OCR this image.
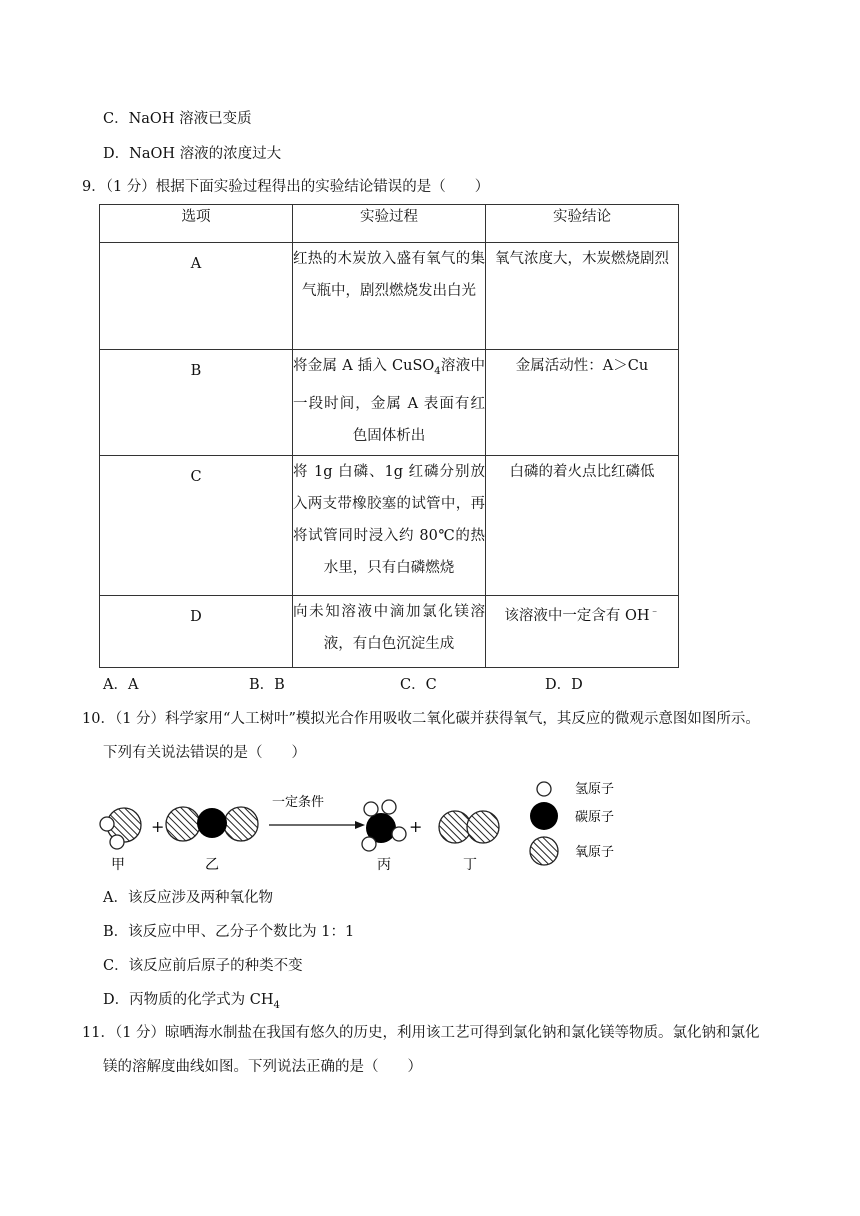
C．NaOH 溶液已变质
D．NaOH 溶液的浓度过大
9．（1 分）根据下面实验过程得出的实验结论错误的是（　　）
选项	实验过程	实验结论
A	红热的木炭放入盛有氧气的集气瓶中，剧烈燃烧发出白光	氧气浓度大，木炭燃烧剧烈
B	将金属 A 插入 CuSO$_4$溶液中一段时间，金属 A 表面有红色固体析出	金属活动性：A＞Cu
C	将 1g 白磷、1g 红磷分别放入两支带橡胶塞的试管中，再将试管同时浸入约 80℃的热水里，只有白磷燃烧	白磷的着火点比红磷低
D	向未知溶液中滴加氯化镁溶液，有白色沉淀生成	该溶液中一定含有 OH﹣
A．A	B．B	C．C	D．D
10．（1 分）科学家用“人工树叶”模拟光合作用吸收二氧化碳并获得氧气，其反应的微观示意图如图所示。
下列有关说法错误的是（　　）
+
一定条件
+
甲	乙	丙	丁
氢原子
碳原子
氧原子
A．该反应涉及两种氧化物
B．该反应中甲、乙分子个数比为 1：1
C．该反应前后原子的种类不变
D．丙物质的化学式为 $CH_4$
11．（1 分）晾晒海水制盐在我国有悠久的历史，利用该工艺可得到氯化钠和氯化镁等物质。氯化钠和氯化
镁的溶解度曲线如图。下列说法正确的是（　　）
